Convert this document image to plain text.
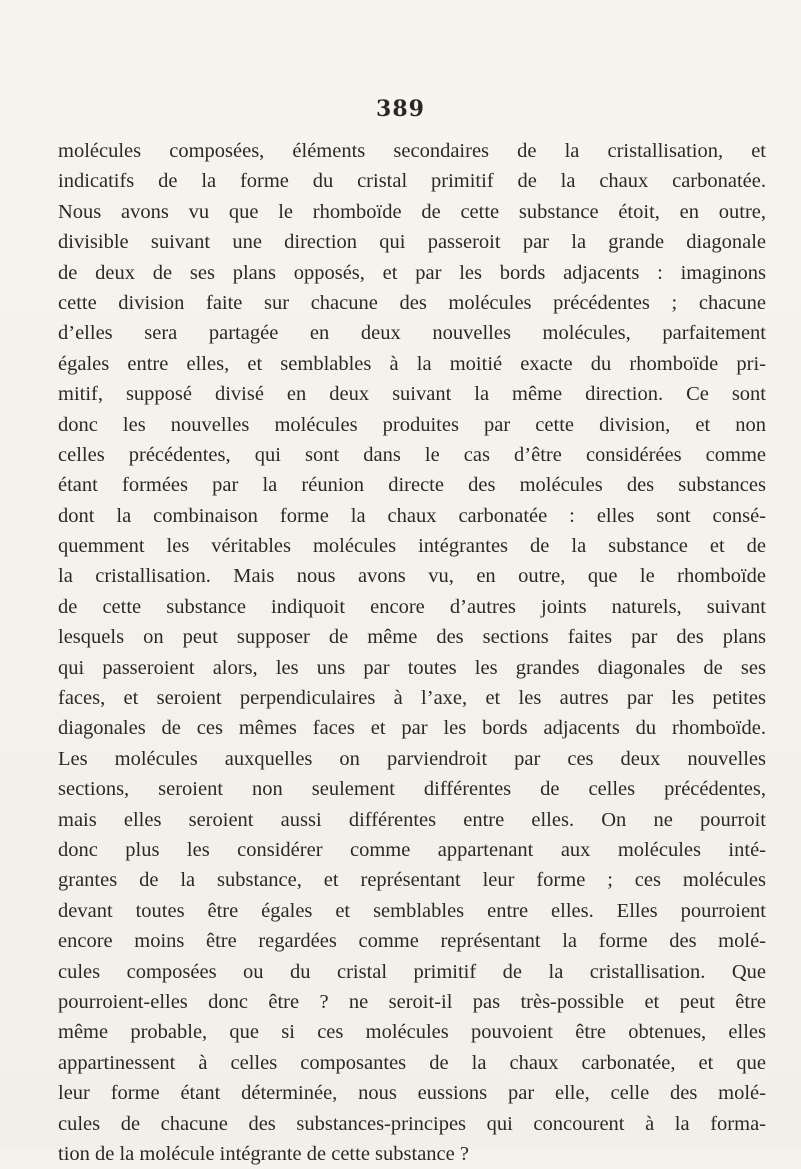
389
molécules composées, éléments secondaires de la cristallisation, et
indicatifs de la forme du cristal primitif de la chaux carbonatée.
Nous avons vu que le rhomboïde de cette substance étoit, en outre,
divisible suivant une direction qui passeroit par la grande diagonale
de deux de ses plans opposés, et par les bords adjacents : imaginons
cette division faite sur chacune des molécules précédentes ; chacune
d’elles sera partagée en deux nouvelles molécules, parfaitement
égales entre elles, et semblables à la moitié exacte du rhomboïde pri-
mitif, supposé divisé en deux suivant la même direction. Ce sont
donc les nouvelles molécules produites par cette division, et non
celles précédentes, qui sont dans le cas d’être considérées comme
étant formées par la réunion directe des molécules des substances
dont la combinaison forme la chaux carbonatée : elles sont consé-
quemment les véritables molécules intégrantes de la substance et de
la cristallisation. Mais nous avons vu, en outre, que le rhomboïde
de cette substance indiquoit encore d’autres joints naturels, suivant
lesquels on peut supposer de même des sections faites par des plans
qui passeroient alors, les uns par toutes les grandes diagonales de ses
faces, et seroient perpendiculaires à l’axe, et les autres par les petites
diagonales de ces mêmes faces et par les bords adjacents du rhomboïde.
Les molécules auxquelles on parviendroit par ces deux nouvelles
sections, seroient non seulement différentes de celles précédentes,
mais elles seroient aussi différentes entre elles. On ne pourroit
donc plus les considérer comme appartenant aux molécules inté-
grantes de la substance, et représentant leur forme ; ces molécules
devant toutes être égales et semblables entre elles. Elles pourroient
encore moins être regardées comme représentant la forme des molé-
cules composées ou du cristal primitif de la cristallisation. Que
pourroient-elles donc être ? ne seroit-il pas très-possible et peut être
même probable, que si ces molécules pouvoient être obtenues, elles
appartinessent à celles composantes de la chaux carbonatée, et que
leur forme étant déterminée, nous eussions par elle, celle des molé-
cules de chacune des substances-principes qui concourent à la forma-
tion de la molécule intégrante de cette substance ?
